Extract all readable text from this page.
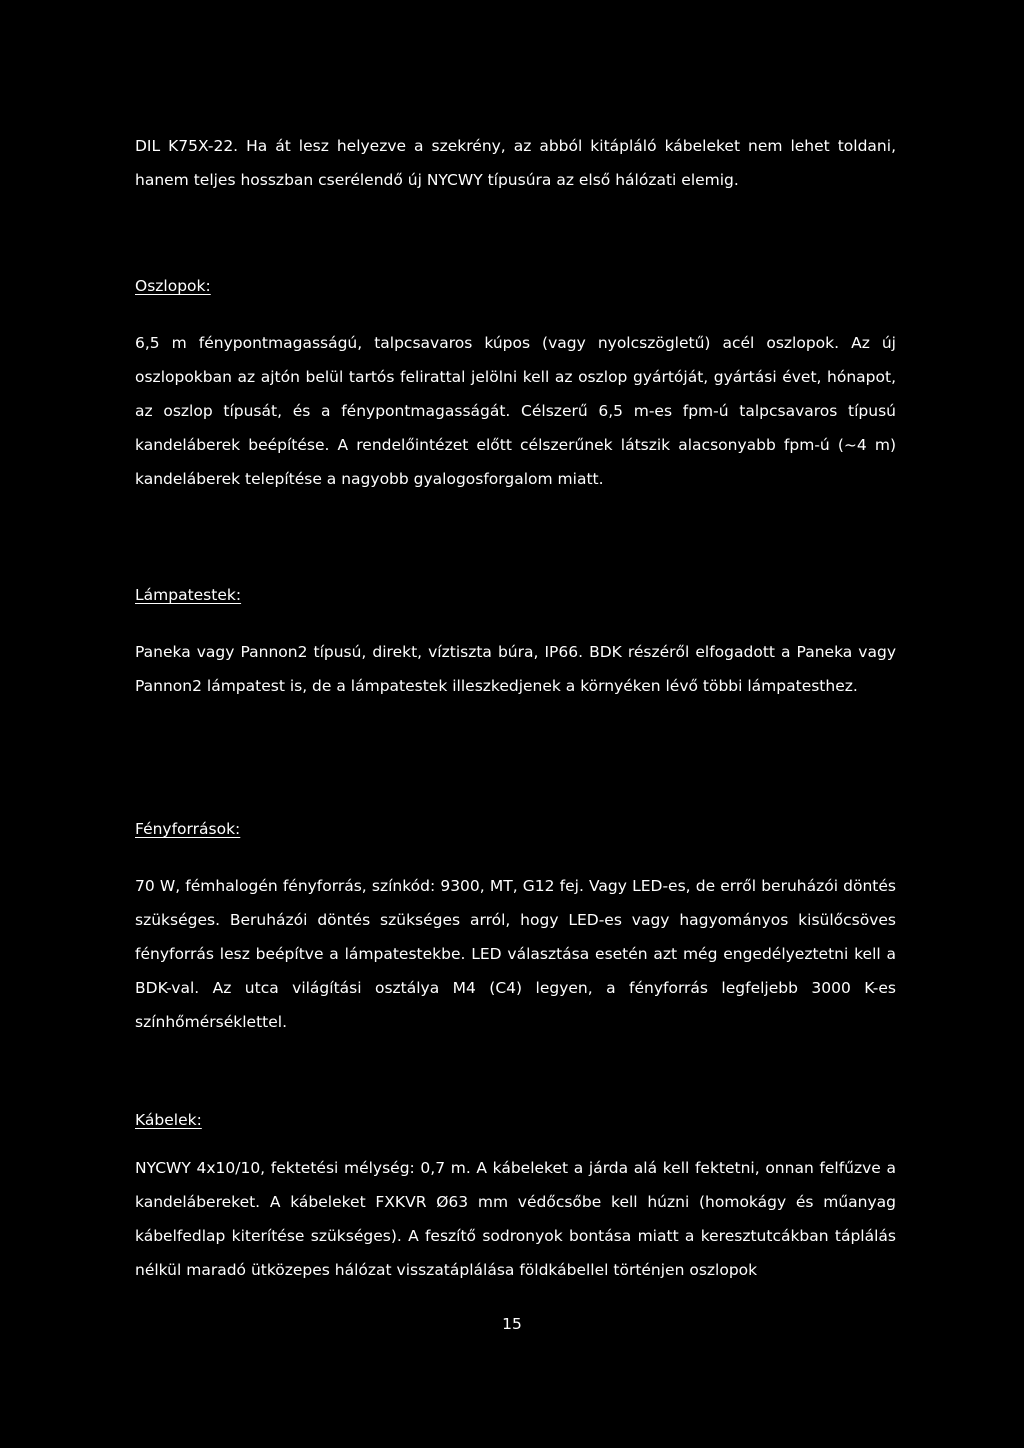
DIL K75X-22. Ha át lesz helyezve a szekrény, az abból kitápláló kábeleket nem lehet toldani, hanem teljes hosszban cserélendő új NYCWY típusúra az első hálózati elemig.

Oszlopok:

6,5 m fénypontmagasságú, talpcsavaros kúpos (vagy nyolcszögletű) acél oszlopok. Az új oszlopokban az ajtón belül tartós felirattal jelölni kell az oszlop gyártóját, gyártási évet, hónapot, az oszlop típusát, és a fénypontmagasságát. Célszerű 6,5 m-es fpm-ú talpcsavaros típusú kandeláberek beépítése. A rendelőintézet előtt célszerűnek látszik alacsonyabb fpm-ú (~4 m) kandeláberek telepítése a nagyobb gyalogosforgalom miatt.

Lámpatestek:

Paneka vagy Pannon2 típusú, direkt, víztiszta búra, IP66. BDK részéről elfogadott a Paneka vagy Pannon2 lámpatest is, de a lámpatestek illeszkedjenek a környéken lévő többi lámpatesthez.

Fényforrások:

70 W, fémhalogén fényforrás, színkód: 9300, MT, G12 fej. Vagy LED-es, de erről beruházói döntés szükséges. Beruházói döntés szükséges arról, hogy LED-es vagy hagyományos kisülőcsöves fényforrás lesz beépítve a lámpatestekbe. LED választása esetén azt még engedélyeztetni kell a BDK-val. Az utca világítási osztálya M4 (C4) legyen, a fényforrás legfeljebb 3000 K-es színhőmérséklettel.

Kábelek:

NYCWY 4x10/10, fektetési mélység: 0,7 m. A kábeleket a járda alá kell fektetni, onnan felfűzve a kandelábereket. A kábeleket FXKVR Ø63 mm védőcsőbe kell húzni (homokágy és műanyag kábelfedlap kiterítése szükséges). A feszítő sodronyok bontása miatt a keresztutcákban táplálás nélkül maradó ütközepes hálózat visszatáplálása földkábellel történjen oszlopok

15
